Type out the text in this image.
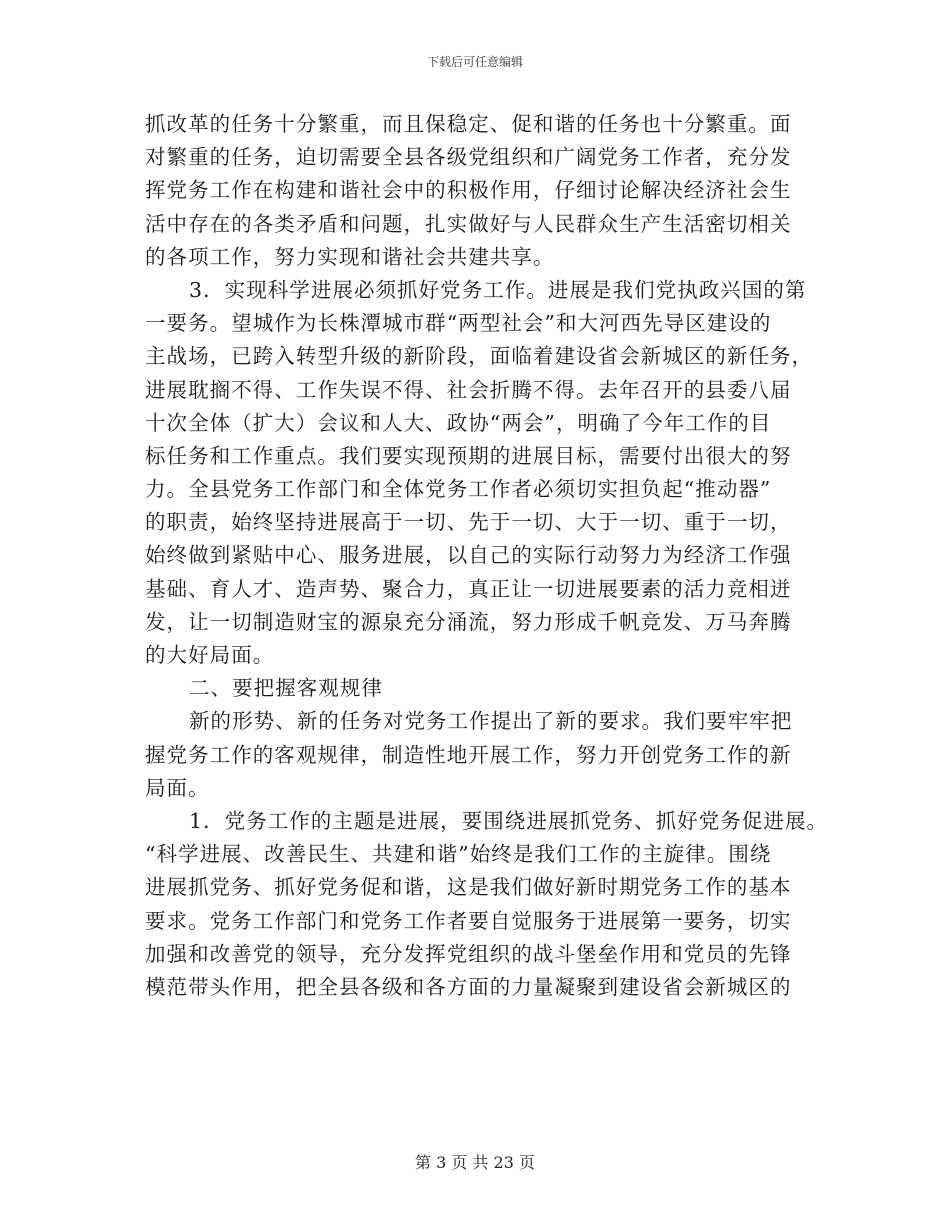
下载后可任意编辑
抓改革的任务十分繁重，而且保稳定、促和谐的任务也十分繁重。面
对繁重的任务，迫切需要全县各级党组织和广阔党务工作者，充分发
挥党务工作在构建和谐社会中的积极作用，仔细讨论解决经济社会生
活中存在的各类矛盾和问题，扎实做好与人民群众生产生活密切相关
的各项工作，努力实现和谐社会共建共享。
3．实现科学进展必须抓好党务工作。进展是我们党执政兴国的第
一要务。望城作为长株潭城市群“两型社会”和大河西先导区建设的
主战场，已跨入转型升级的新阶段，面临着建设省会新城区的新任务，
进展耽搁不得、工作失误不得、社会折腾不得。去年召开的县委八届
十次全体（扩大）会议和人大、政协“两会”，明确了今年工作的目
标任务和工作重点。我们要实现预期的进展目标，需要付出很大的努
力。全县党务工作部门和全体党务工作者必须切实担负起“推动器”
的职责，始终坚持进展高于一切、先于一切、大于一切、重于一切，
始终做到紧贴中心、服务进展，以自己的实际行动努力为经济工作强
基础、育人才、造声势、聚合力，真正让一切进展要素的活力竞相迸
发，让一切制造财宝的源泉充分涌流，努力形成千帆竞发、万马奔腾
的大好局面。
二、要把握客观规律
新的形势、新的任务对党务工作提出了新的要求。我们要牢牢把
握党务工作的客观规律，制造性地开展工作，努力开创党务工作的新
局面。
1．党务工作的主题是进展，要围绕进展抓党务、抓好党务促进展。
“科学进展、改善民生、共建和谐”始终是我们工作的主旋律。围绕
进展抓党务、抓好党务促和谐，这是我们做好新时期党务工作的基本
要求。党务工作部门和党务工作者要自觉服务于进展第一要务，切实
加强和改善党的领导，充分发挥党组织的战斗堡垒作用和党员的先锋
模范带头作用，把全县各级和各方面的力量凝聚到建设省会新城区的
第 3 页 共 23 页
